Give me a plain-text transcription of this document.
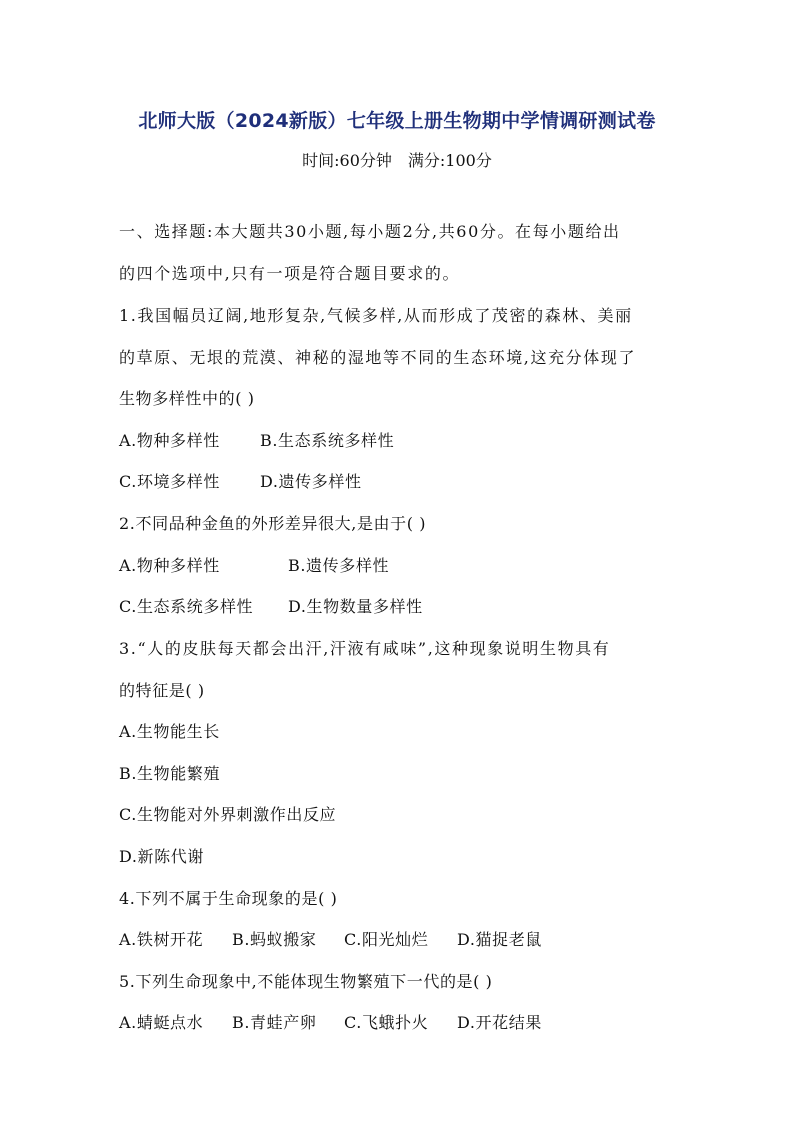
北师大版（2024新版）七年级上册生物期中学情调研测试卷
时间:60分钟　满分:100分
一、选择题:本大题共30小题,每小题2分,共60分。在每小题给出
的四个选项中,只有一项是符合题目要求的。
1.我国幅员辽阔,地形复杂,气候多样,从而形成了茂密的森林、美丽
的草原、无垠的荒漠、神秘的湿地等不同的生态环境,这充分体现了
生物多样性中的( )
A.物种多样性	B.生态系统多样性
C.环境多样性	D.遗传多样性
2.不同品种金鱼的外形差异很大,是由于( )
A.物种多样性	B.遗传多样性
C.生态系统多样性 D.生物数量多样性
3.“人的皮肤每天都会出汗,汗液有咸味”,这种现象说明生物具有
的特征是( )
A.生物能生长
B.生物能繁殖
C.生物能对外界刺激作出反应
D.新陈代谢
4.下列不属于生命现象的是( )
A.铁树开花 B.蚂蚁搬家 C.阳光灿烂 D.猫捉老鼠
5.下列生命现象中,不能体现生物繁殖下一代的是( )
A.蜻蜓点水 B.青蛙产卵 C.飞蛾扑火 D.开花结果
